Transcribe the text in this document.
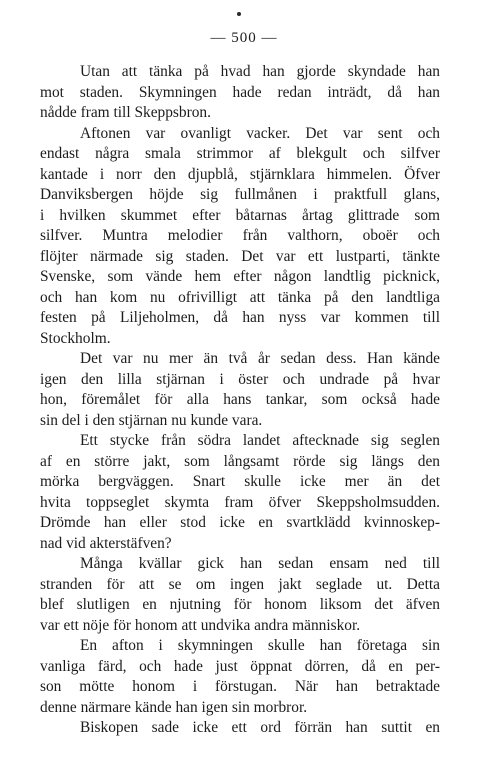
— 500 —

Utan att tänka på hvad han gjorde skyndade han
mot staden. Skymningen hade redan inträdt, då han
nådde fram till Skeppsbron.

Aftonen var ovanligt vacker. Det var sent och
endast några smala strimmor af blekgult och silfver
kantade i norr den djupblå, stjärnklara himmelen. Öfver
Danviksbergen höjde sig fullmånen i praktfull glans,
i hvilken skummet efter båtarnas årtag glittrade som
silfver. Muntra melodier från valthorn, oboër och
flöjter närmade sig staden. Det var ett lustparti, tänkte
Svenske, som vände hem efter någon landtlig picknick,
och han kom nu ofrivilligt att tänka på den landtliga
festen på Liljeholmen, då han nyss var kommen till
Stockholm.

Det var nu mer än två år sedan dess. Han kände
igen den lilla stjärnan i öster och undrade på hvar
hon, föremålet för alla hans tankar, som också hade
sin del i den stjärnan nu kunde vara.

Ett stycke från södra landet aftecknade sig seglen
af en större jakt, som långsamt rörde sig längs den
mörka bergväggen. Snart skulle icke mer än det
hvita toppseglet skymta fram öfver Skeppsholmsudden.
Drömde han eller stod icke en svartklädd kvinnoskep-
nad vid akterstäfven?

Många kvällar gick han sedan ensam ned till
stranden för att se om ingen jakt seglade ut. Detta
blef slutligen en njutning för honom liksom det äfven
var ett nöje för honom att undvika andra människor.

En afton i skymningen skulle han företaga sin
vanliga färd, och hade just öppnat dörren, då en per-
son mötte honom i förstugan. När han betraktade
denne närmare kände han igen sin morbror.

Biskopen sade icke ett ord förrän han suttit en
